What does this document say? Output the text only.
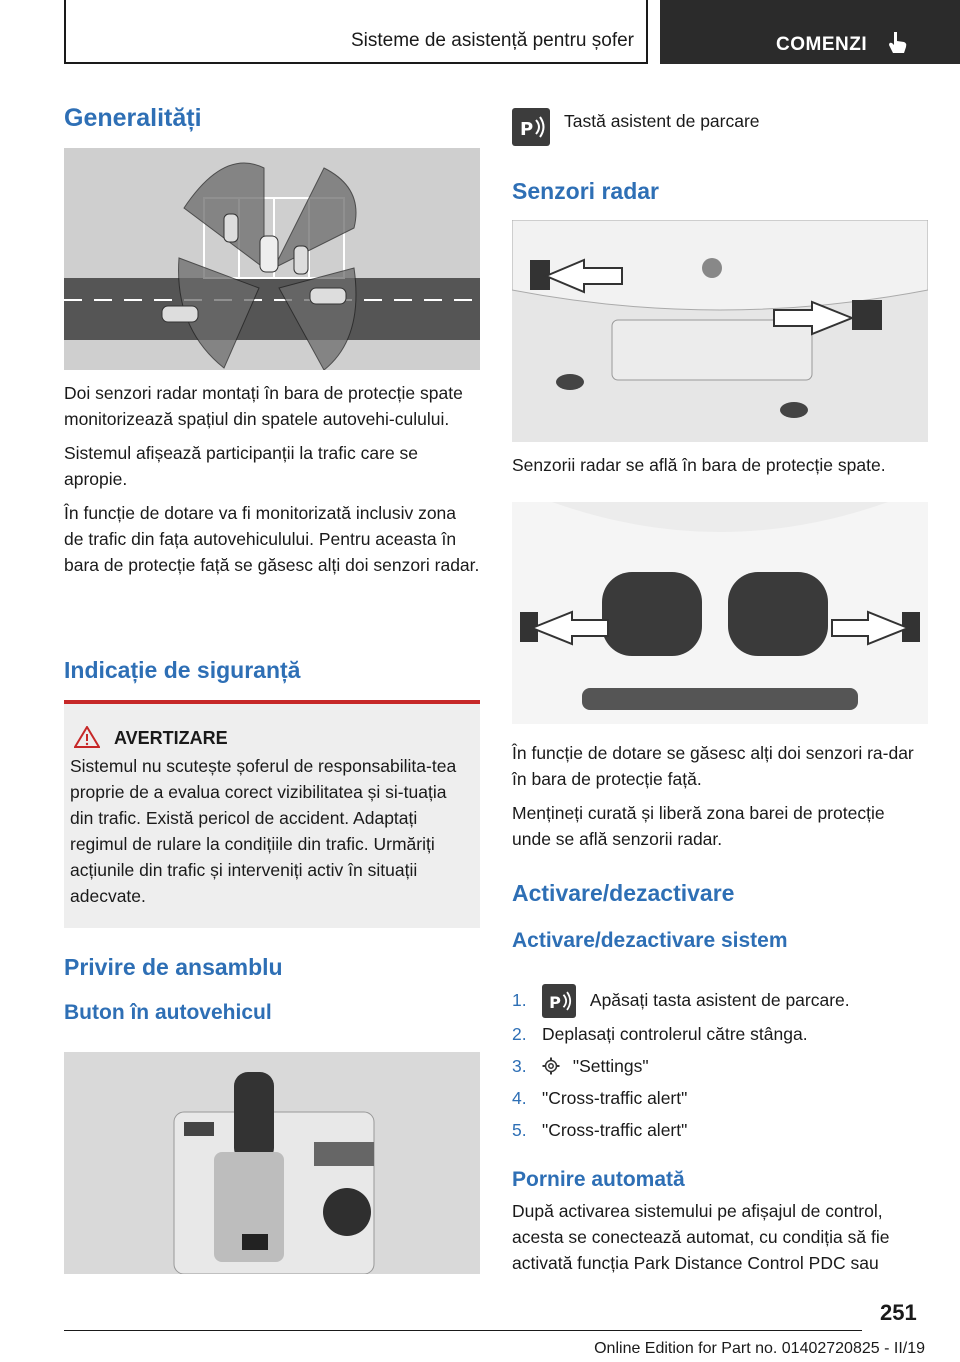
Sisteme de asistență pentru șofer	COMENZI
Generalități

Doi senzori radar montați în bara de protecție spate monitorizează spațiul din spatele autovehi-culului.

Sistemul afișează participanții la trafic care se apropie.

În funcție de dotare va fi monitorizată inclusiv zona de trafic din fața autovehiculului. Pentru aceasta în bara de protecție față se găsesc alți doi senzori radar.

Indicație de siguranță
AVERTIZARE

Sistemul nu scutește șoferul de responsabilita-tea proprie de a evalua corect vizibilitatea și si-tuația din trafic. Există pericol de accident. Adaptați regimul de rulare la condițiile din trafic. Urmăriți acțiunile din trafic și interveniți activ în situații adecvate.

Privire de ansamblu
Buton în autovehicul
P Tastă asistent de parcare

Senzori radar

Senzorii radar se află în bara de protecție spate.

În funcție de dotare se găsesc alți doi senzori ra-dar în bara de protecție față.

Mențineți curată și liberă zona barei de protecție unde se află senzorii radar.

Activare/dezactivare
Activare/dezactivare sistem
1. P Apăsați tasta asistent de parcare.
2. Deplasați controlerul către stânga.
3.	"Settings"
4. "Cross-traffic alert"
5. "Cross-traffic alert"
Pornire automată

După activarea sistemului pe afișajul de control, acesta se conectează automat, cu condiția să fie activată funcția Park Distance Control PDC sau

251
Online Edition for Part no. 01402720825 - II/19
